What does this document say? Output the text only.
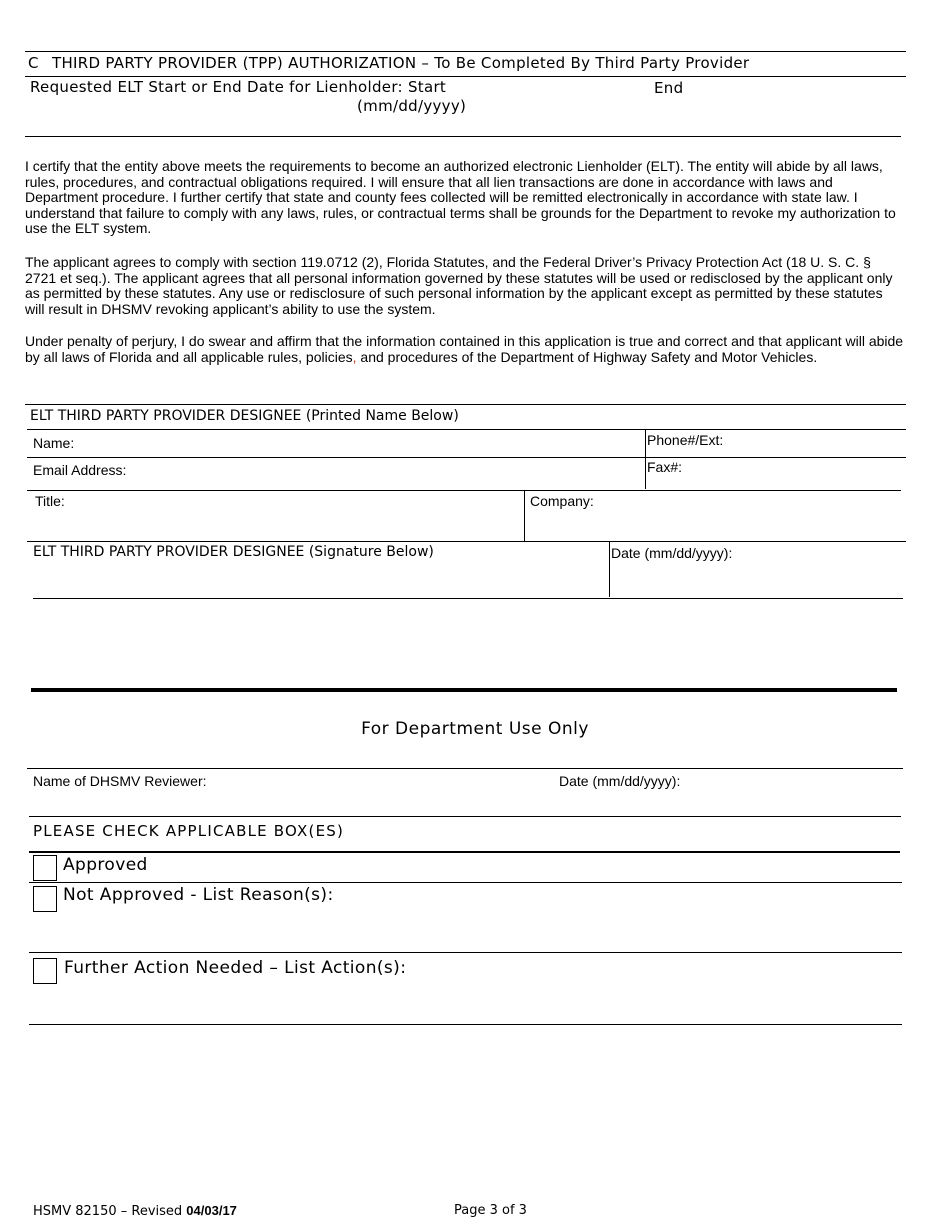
C THIRD PARTY PROVIDER (TPP) AUTHORIZATION – To Be Completed By Third Party Provider
Requested ELT Start or End Date for Lienholder: Start
(mm/dd/yyyy)
End
I certify that the entity above meets the requirements to become an authorized electronic Lienholder (ELT). The entity will abide by all laws, rules, procedures, and contractual obligations required. I will ensure that all lien transactions are done in accordance with laws and Department procedure. I further certify that state and county fees collected will be remitted electronically in accordance with state law. I understand that failure to comply with any laws, rules, or contractual terms shall be grounds for the Department to revoke my authorization to use the ELT system.
The applicant agrees to comply with section 119.0712 (2), Florida Statutes, and the Federal Driver’s Privacy Protection Act (18 U. S. C. § 2721 et seq.). The applicant agrees that all personal information governed by these statutes will be used or redisclosed by the applicant only as permitted by these statutes. Any use or redisclosure of such personal information by the applicant except as permitted by these statutes will result in DHSMV revoking applicant’s ability to use the system.
Under penalty of perjury, I do swear and affirm that the information contained in this application is true and correct and that applicant will abide by all laws of Florida and all applicable rules, policies, and procedures of the Department of Highway Safety and Motor Vehicles.
ELT THIRD PARTY PROVIDER DESIGNEE (Printed Name Below)
Name:	Phone#/Ext:
Email Address:	Fax#:
Title:	Company:
ELT THIRD PARTY PROVIDER DESIGNEE (Signature Below)	Date (mm/dd/yyyy):
For Department Use Only
Name of DHSMV Reviewer:	Date (mm/dd/yyyy):
PLEASE CHECK APPLICABLE BOX(ES)
Approved
Not Approved - List Reason(s):
Further Action Needed – List Action(s):
HSMV 82150 – Revised 04/03/17	Page 3 of 3
